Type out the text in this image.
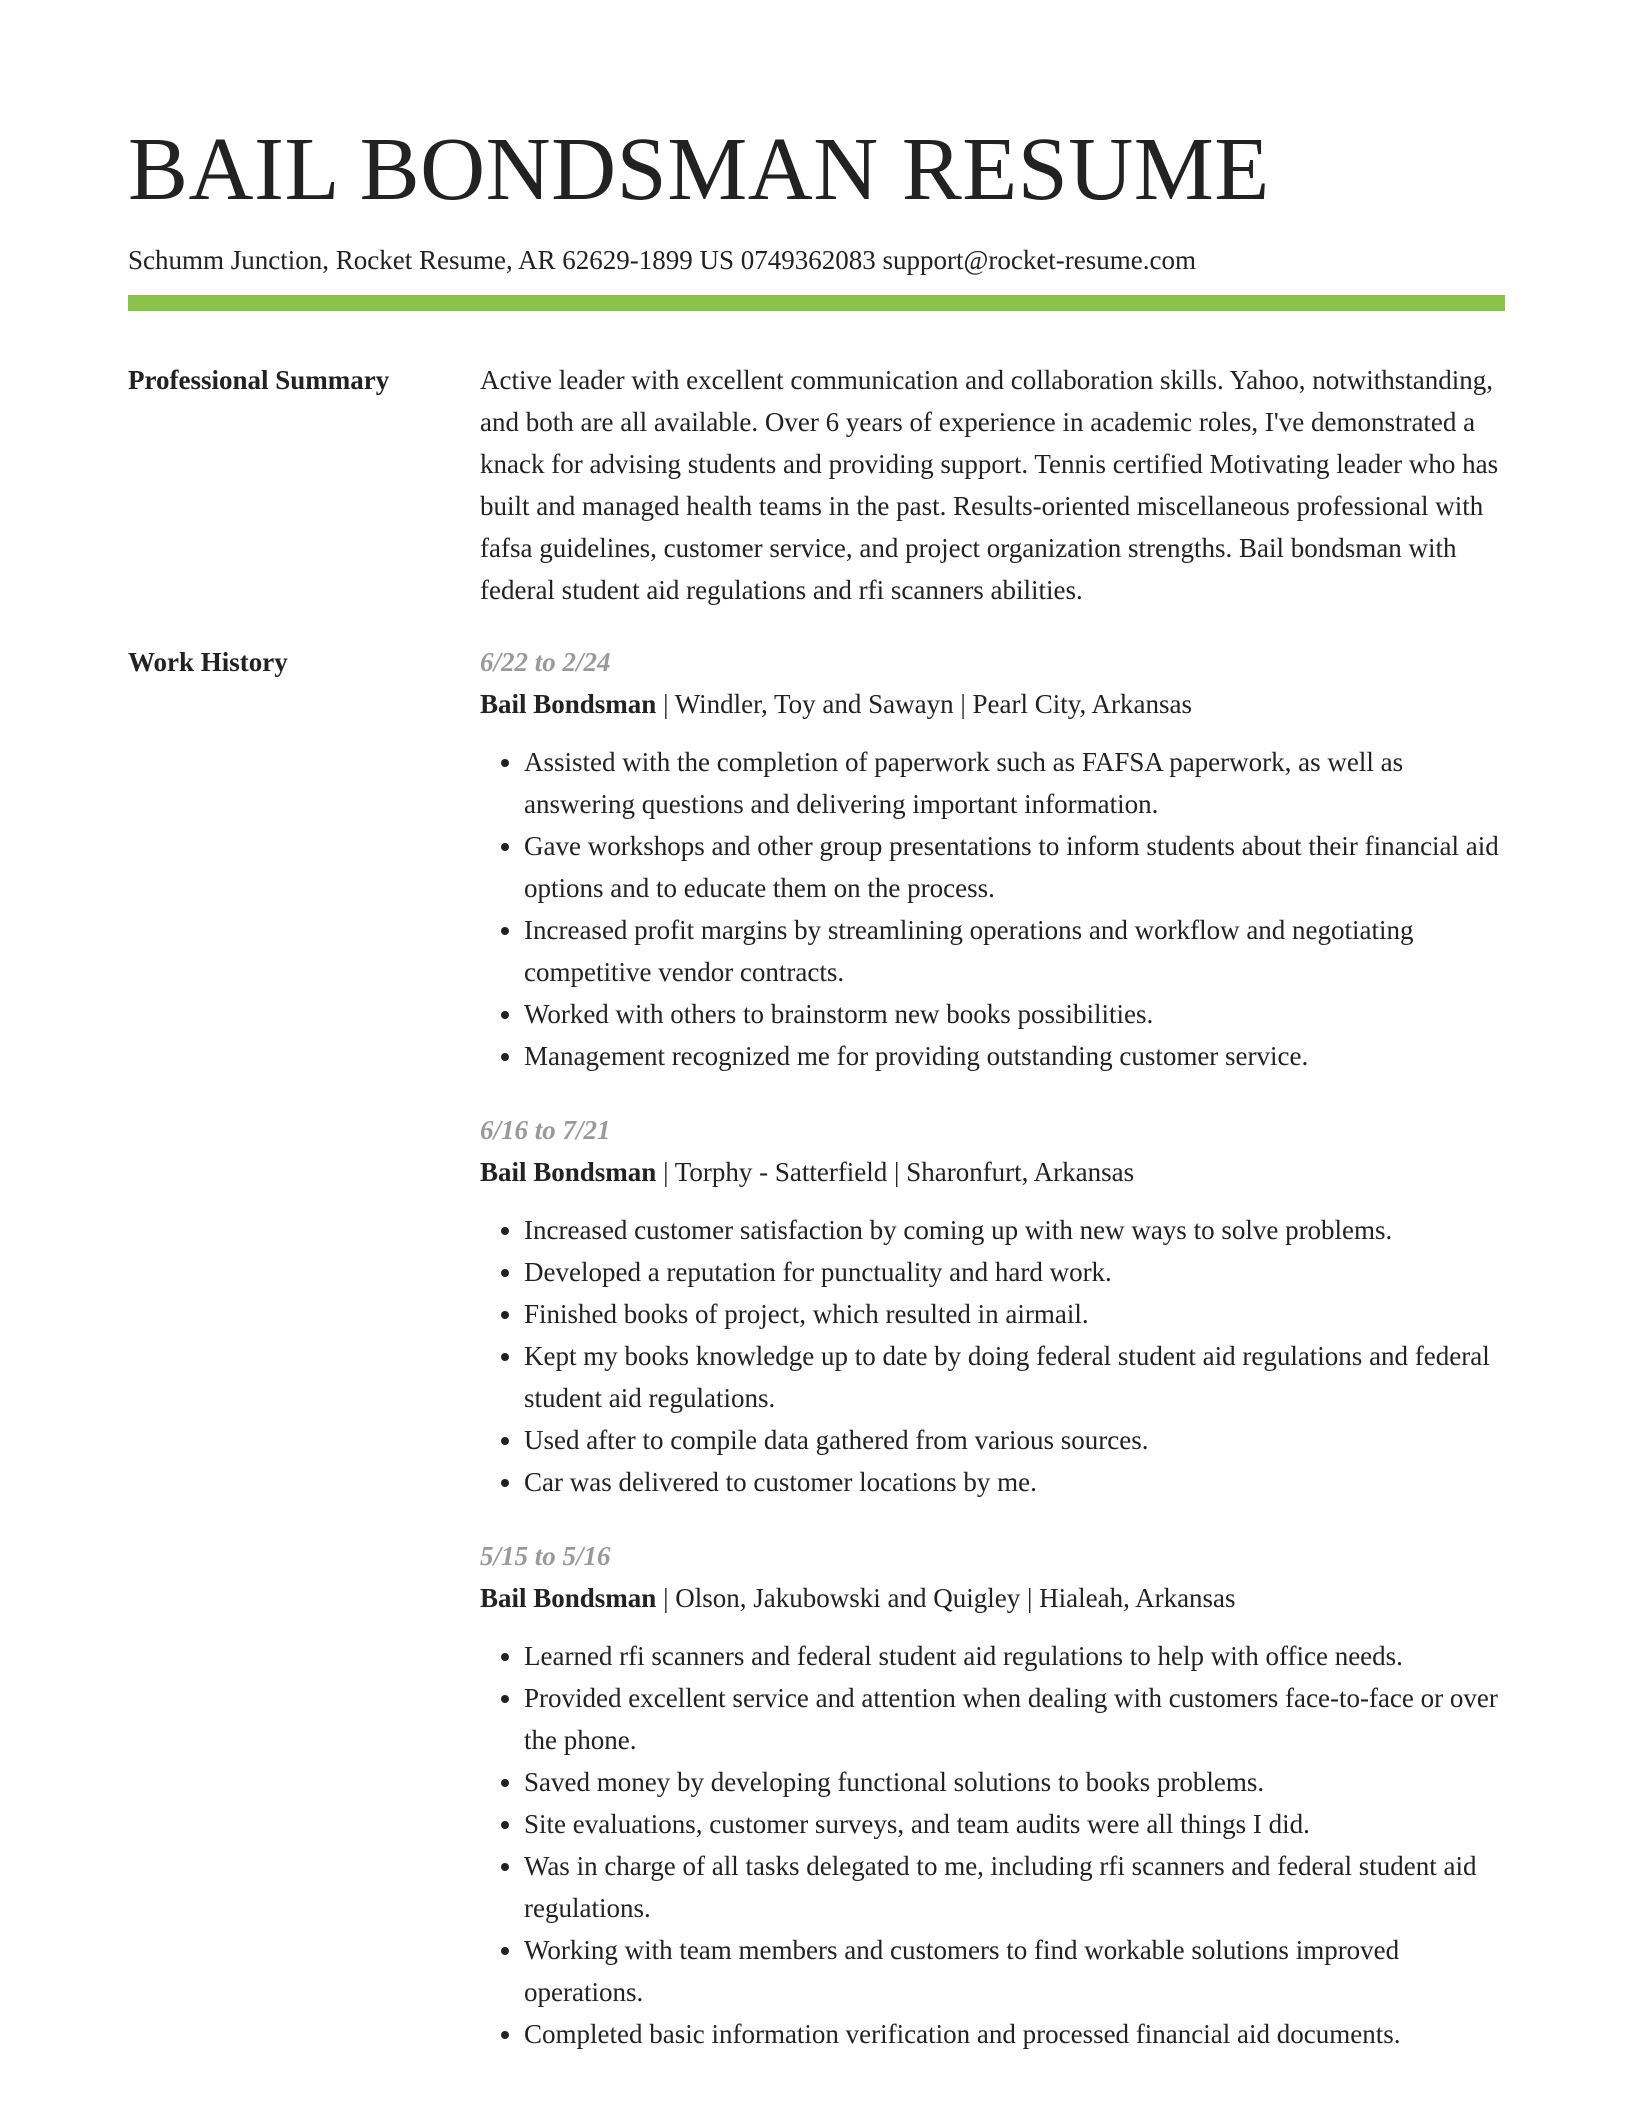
BAIL BONDSMAN RESUME
Schumm Junction, Rocket Resume, AR 62629-1899 US 0749362083 support@rocket-resume.com
Professional Summary	Active leader with excellent communication and collaboration skills. Yahoo, notwithstanding, and both are all available. Over 6 years of experience in academic roles, I've demonstrated a knack for advising students and providing support. Tennis certified Motivating leader who has built and managed health teams in the past. Results-oriented miscellaneous professional with fafsa guidelines, customer service, and project organization strengths. Bail bondsman with federal student aid regulations and rfi scanners abilities.

Work History	6/22 to 2/24

Bail Bondsman | Windler, Toy and Sawayn | Pearl City, Arkansas

• Assisted with the completion of paperwork such as FAFSA paperwork, as well as answering questions and delivering important information.
• Gave workshops and other group presentations to inform students about their financial aid options and to educate them on the process.
• Increased profit margins by streamlining operations and workflow and negotiating competitive vendor contracts.
• Worked with others to brainstorm new books possibilities.
• Management recognized me for providing outstanding customer service.
6/16 to 7/21

Bail Bondsman | Torphy - Satterfield | Sharonfurt, Arkansas

• Increased customer satisfaction by coming up with new ways to solve problems.
• Developed a reputation for punctuality and hard work.
• Finished books of project, which resulted in airmail.
• Kept my books knowledge up to date by doing federal student aid regulations and federal student aid regulations.
• Used after to compile data gathered from various sources.
• Car was delivered to customer locations by me.
5/15 to 5/16

Bail Bondsman | Olson, Jakubowski and Quigley | Hialeah, Arkansas

• Learned rfi scanners and federal student aid regulations to help with office needs.
• Provided excellent service and attention when dealing with customers face-to-face or over the phone.
• Saved money by developing functional solutions to books problems.
• Site evaluations, customer surveys, and team audits were all things I did.
• Was in charge of all tasks delegated to me, including rfi scanners and federal student aid regulations.
• Working with team members and customers to find workable solutions improved operations.
• Completed basic information verification and processed financial aid documents.
